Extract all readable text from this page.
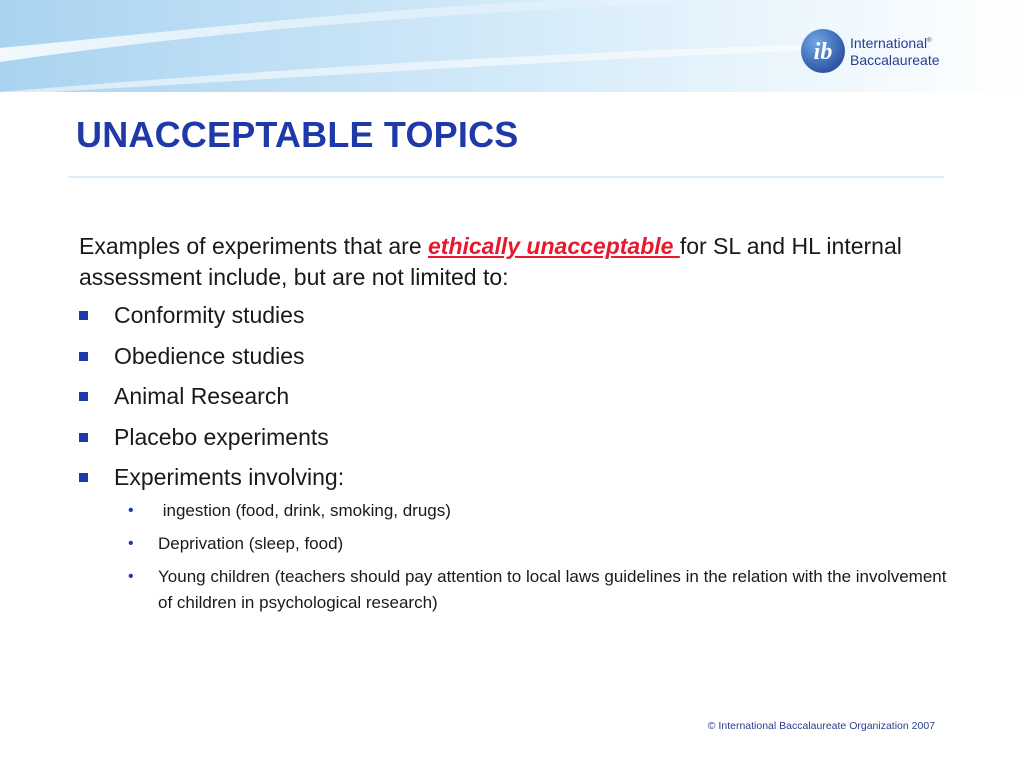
ib International®
Baccalaureate
UNACCEPTABLE TOPICS

Examples of experiments that are ethically unacceptable for SL and HL internal assessment include, but are not limited to:

Conformity studies
Obedience studies
Animal Research
Placebo experiments
Experiments involving:
• ingestion (food, drink, smoking, drugs)
• Deprivation (sleep, food)
• Young children (teachers should pay attention to local laws guidelines in the relation with the involvement of children in psychological research)
© International Baccalaureate Organization 2007
